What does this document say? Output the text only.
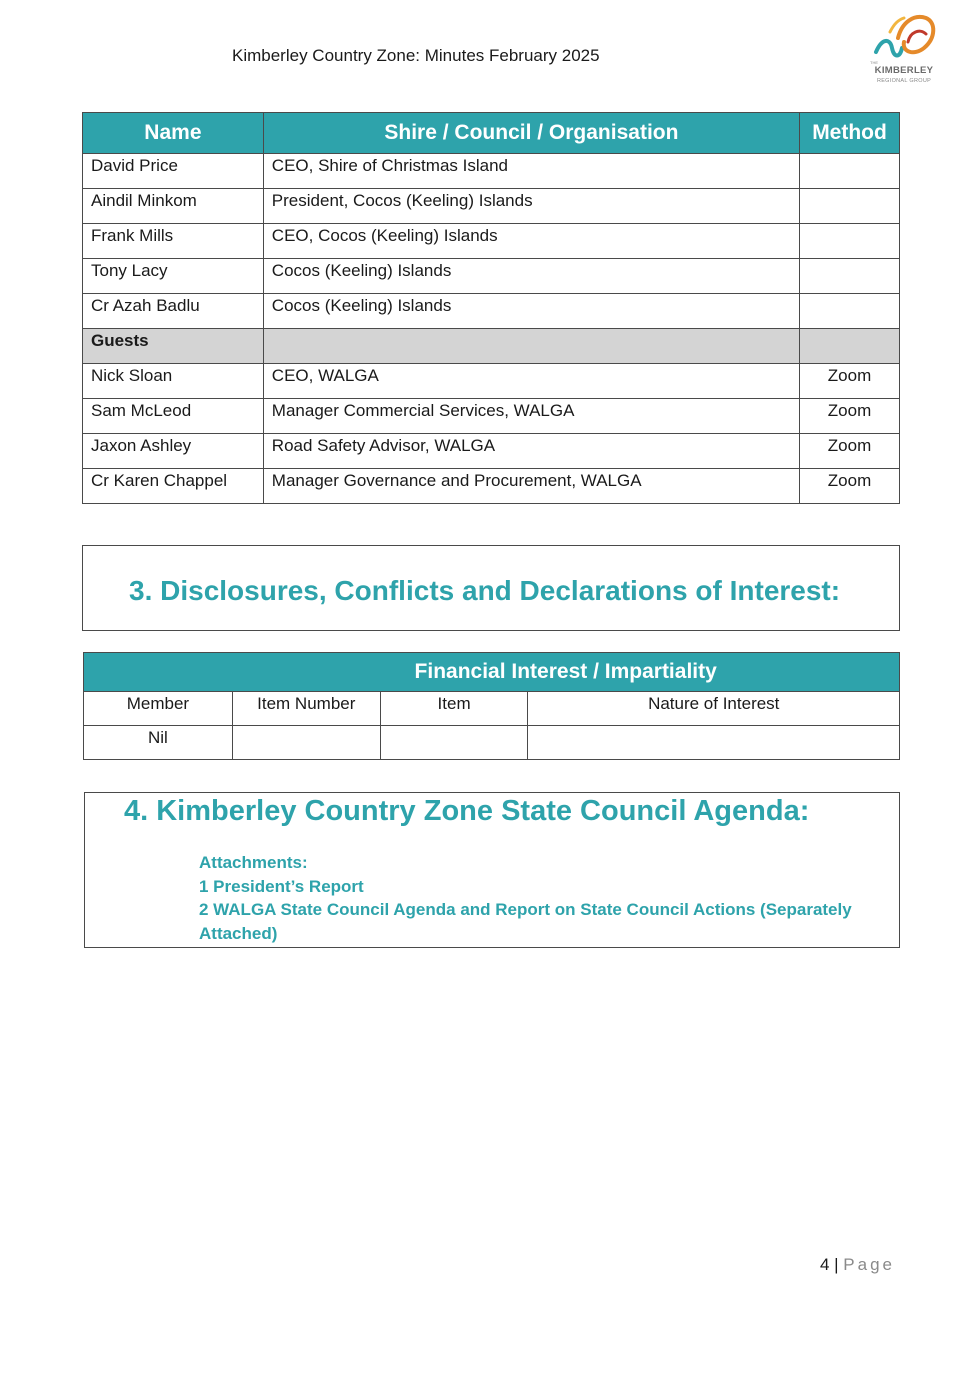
Kimberley Country Zone: Minutes February 2025	THE
KIMBERLEY
REGIONAL GROUP
Name	Shire / Council / Organisation	Method
David Price	CEO, Shire of Christmas Island	
Aindil Minkom	President, Cocos (Keeling) Islands	
Frank Mills	CEO, Cocos (Keeling) Islands	
Tony Lacy	Cocos (Keeling) Islands	
Cr Azah Badlu	Cocos (Keeling) Islands	
Guests		
Nick Sloan	CEO, WALGA	Zoom
Sam McLeod	Manager Commercial Services, WALGA	Zoom
Jaxon Ashley	Road Safety Advisor, WALGA	Zoom
Cr Karen Chappel	Manager Governance and Procurement, WALGA	Zoom
3. Disclosures, Conflicts and Declarations of Interest:
	Financial Interest / Impartiality		
Member	Item Number	Item	Nature of Interest
Nil			
4. Kimberley Country Zone State Council Agenda:
Attachments:
1 President’s Report
2 WALGA State Council Agenda and Report on State Council Actions (Separately Attached)
4 | Page
